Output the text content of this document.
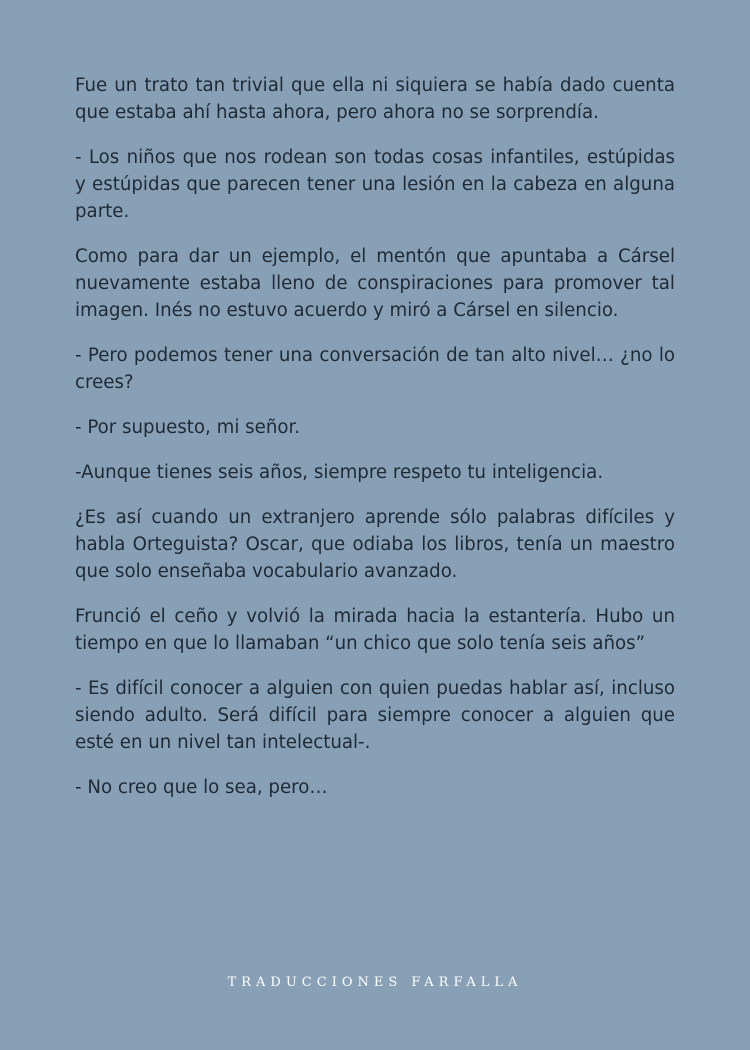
Fue un trato tan trivial que ella ni siquiera se había dado cuenta que estaba ahí hasta ahora, pero ahora no se sorprendía.

- Los niños que nos rodean son todas cosas infantiles, estúpidas y estúpidas que parecen tener una lesión en la cabeza en alguna parte.

Como para dar un ejemplo, el mentón que apuntaba a Cársel nuevamente estaba lleno de conspiraciones para promover tal imagen. Inés no estuvo acuerdo y miró a Cársel en silencio.

- Pero podemos tener una conversación de tan alto nivel… ¿no lo crees?

- Por supuesto, mi señor.

-Aunque tienes seis años, siempre respeto tu inteligencia.

¿Es así cuando un extranjero aprende sólo palabras difíciles y habla Orteguista? Oscar, que odiaba los libros, tenía un maestro que solo enseñaba vocabulario avanzado.

Frunció el ceño y volvió la mirada hacia la estantería. Hubo un tiempo en que lo llamaban “un chico que solo tenía seis años”

- Es difícil conocer a alguien con quien puedas hablar así, incluso siendo adulto. Será difícil para siempre conocer a alguien que esté en un nivel tan intelectual-.

- No creo que lo sea, pero…

TRADUCCIONES FARFALLA
